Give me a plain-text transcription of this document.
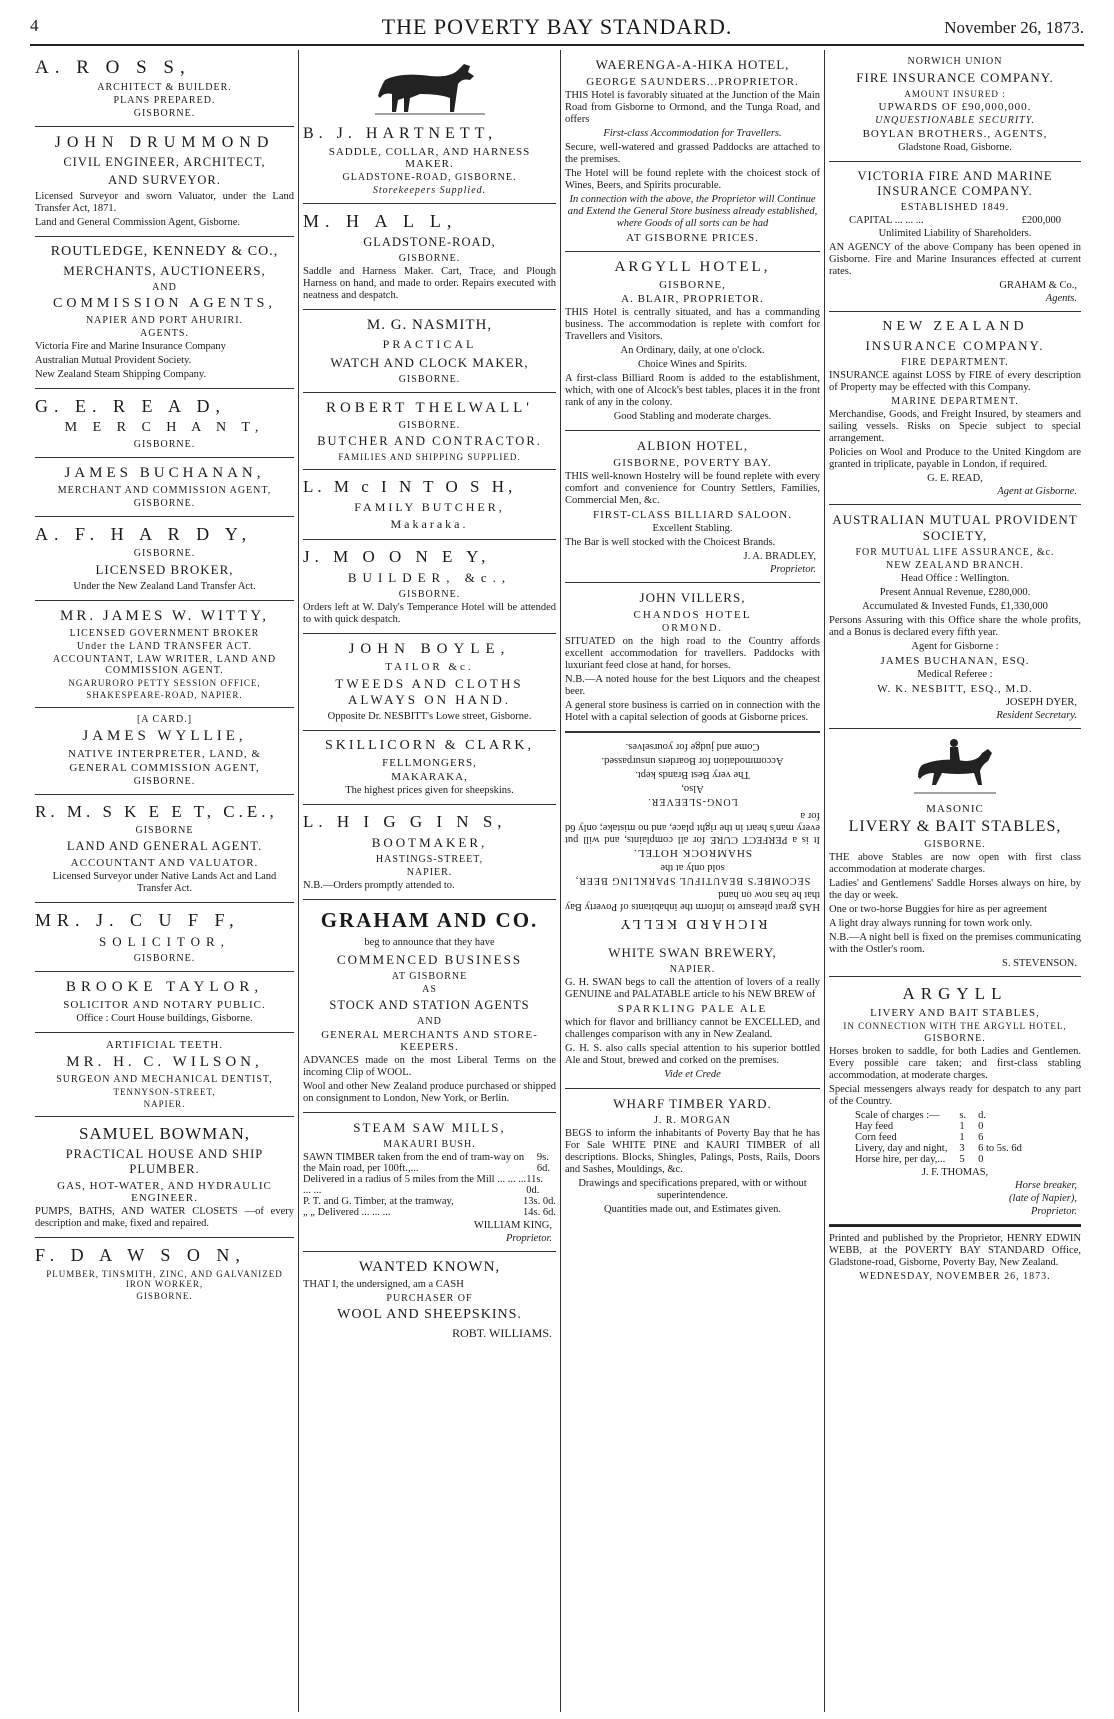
4	THE POVERTY BAY STANDARD.	November 26, 1873.
A. R O S S,
ARCHITECT & BUILDER.
PLANS PREPARED.
GISBORNE.
JOHN DRUMMOND
CIVIL ENGINEER, ARCHITECT,
AND SURVEYOR.

Licensed Surveyor and sworn Valuator, under the Land Transfer Act, 1871.

Land and General Commission Agent, Gisborne.

ROUTLEDGE, KENNEDY & CO.,
MERCHANTS, AUCTIONEERS,
AND
COMMISSION AGENTS,
NAPIER AND PORT AHURIRI.
AGENTS.

Victoria Fire and Marine Insurance Company

Australian Mutual Provident Society.

New Zealand Steam Shipping Company.

G. E. R E A D,
M E R C H A N T,
GISBORNE.
JAMES BUCHANAN,
MERCHANT AND COMMISSION AGENT,
GISBORNE.
A. F. H A R D Y,
GISBORNE.
LICENSED BROKER,

Under the New Zealand Land Transfer Act.

MR. JAMES W. WITTY,
LICENSED GOVERNMENT BROKER
Under the LAND TRANSFER ACT.
ACCOUNTANT, LAW WRITER, LAND AND COMMISSION AGENT.
NGARURORO PETTY SESSION OFFICE,
SHAKESPEARE-ROAD, NAPIER.
[A CARD.]
JAMES WYLLIE,
NATIVE INTERPRETER, LAND, &
GENERAL COMMISSION AGENT,
GISBORNE.
R. M. S K E E T, C.E.,
GISBORNE
LAND AND GENERAL AGENT.
ACCOUNTANT AND VALUATOR.

Licensed Surveyor under Native Lands Act and Land Transfer Act.

MR. J. C U F F,
SOLICITOR,
GISBORNE.
BROOKE TAYLOR,
SOLICITOR AND NOTARY PUBLIC.

Office : Court House buildings, Gisborne.

ARTIFICIAL TEETH.
MR. H. C. WILSON,
SURGEON AND MECHANICAL DENTIST,
TENNYSON-STREET,
NAPIER.
SAMUEL BOWMAN,
PRACTICAL HOUSE AND SHIP PLUMBER.
GAS, HOT-WATER, AND HYDRAULIC ENGINEER.

PUMPS, BATHS, AND WATER CLOSETS —of every description and make, fixed and repaired.

F. D A W S O N,
PLUMBER, TINSMITH, ZINC, AND GALVANIZED IRON WORKER,
GISBORNE.
B. J. HARTNETT,
SADDLE, COLLAR, AND HARNESS MAKER.
GLADSTONE-ROAD, GISBORNE.
Storekeepers Supplied.
M. H A L L,
GLADSTONE-ROAD,
GISBORNE.

Saddle and Harness Maker. Cart, Trace, and Plough Harness on hand, and made to order. Repairs executed with neatness and despatch.

M. G. NASMITH,
PRACTICAL
WATCH AND CLOCK MAKER,
GISBORNE.
ROBERT THELWALL'
GISBORNE.
BUTCHER AND CONTRACTOR.
FAMILIES AND SHIPPING SUPPLIED.
L. M c I N T O S H,
FAMILY BUTCHER,
Makaraka.
J. M O O N E Y,
BUILDER, &c.,
GISBORNE.

Orders left at W. Daly's Temperance Hotel will be attended to with quick despatch.

JOHN BOYLE,
TAILOR &c.
TWEEDS AND CLOTHS ALWAYS ON HAND.

Opposite Dr. NESBITT's Lowe street, Gisborne.

SKILLICORN & CLARK,
FELLMONGERS,
MAKARAKA,

The highest prices given for sheepskins.

L. H I G G I N S,
BOOTMAKER,
HASTINGS-STREET,
NAPIER.

N.B.—Orders promptly attended to.

GRAHAM AND CO.

beg to announce that they have

COMMENCED BUSINESS
AT GISBORNE
AS
STOCK AND STATION AGENTS
AND
GENERAL MERCHANTS AND STORE-KEEPERS.

ADVANCES made on the most Liberal Terms on the incoming Clip of WOOL.

Wool and other New Zealand produce purchased or shipped on consignment to London, New York, or Berlin.

STEAM SAW MILLS,
MAKAURI BUSH.
SAWN TIMBER taken from the end of tram-way on the Main road, per 100ft.,...
9s. 6d.
Delivered in a radius of 5 miles from the Mill ... ... ... ... ...
11s. 0d.
P. T. and G. Timber, at the tramway,	13s. 0d.
„ „ Delivered ... ... ...	14s. 6d.
WILLIAM KING,
Proprietor.
WANTED KNOWN,

THAT I, the undersigned, am a CASH

PURCHASER OF
WOOL AND SHEEPSKINS.
ROBT. WILLIAMS.
WAERENGA-A-HIKA HOTEL,
GEORGE SAUNDERS...PROPRIETOR.

THIS Hotel is favorably situated at the Junction of the Main Road from Gisborne to Ormond, and the Tunga Road, and offers

First-class Accommodation for Travellers.

Secure, well-watered and grassed Paddocks are attached to the premises.

The Hotel will be found replete with the choicest stock of Wines, Beers, and Spirits procurable.

In connection with the above, the Proprietor will Continue and Extend the General Store business already established, where Goods of all sorts can be had

AT GISBORNE PRICES.
ARGYLL HOTEL,
GISBORNE,
A. BLAIR, PROPRIETOR.

THIS Hotel is centrally situated, and has a commanding business. The accommodation is replete with comfort for Travellers and Visitors.

An Ordinary, daily, at one o'clock.

Choice Wines and Spirits.

A first-class Billiard Room is added to the establishment, which, with one of Alcock's best tables, places it in the front rank of any in the colony.

Good Stabling and moderate charges.

ALBION HOTEL,
GISBORNE, POVERTY BAY.

THIS well-known Hostelry will be found replete with every comfort and convenience for Country Settlers, Families, Commercial Men, &c.

FIRST-CLASS BILLIARD SALOON.

Excellent Stabling.

The Bar is well stocked with the Choicest Brands.

J. A. BRADLEY,
Proprietor.
JOHN VILLERS,
CHANDOS HOTEL
ORMOND.

SITUATED on the high road to the Country affords excellent accommodation for travellers. Paddocks with luxuriant feed close at hand, for horses.

N.B.—A noted house for the best Liquors and the cheapest beer.

A general store business is carried on in connection with the Hotel with a capital selection of goods at Gisborne prices.

RICHARD KELLY

HAS great pleasure to inform the inhabitants of Poverty Bay that he has now on hand

SECOMBE'S BEAUTIFUL SPARKLING BEER,

sold only at the

SHAMROCK HOTEL.

It is a PERFECT CURE for all complaints, and will put every man's heart in the right place, and no mistake; only 6d for a

LONG-SLEEVER.

Also,

The very Best Brands kept.

Accommodation for Boarders unsurpassed.

Come and judge for yourselves.

WHITE SWAN BREWERY,
NAPIER.

G. H. SWAN begs to call the attention of lovers of a really GENUINE and PALATABLE article to his NEW BREW of

SPARKLING PALE ALE

which for flavor and brilliancy cannot be EXCELLED, and challenges comparison with any in New Zealand.

G. H. S. also calls special attention to his superior bottled Ale and Stout, brewed and corked on the premises.

Vide et Crede

WHARF TIMBER YARD.
J. R. MORGAN

BEGS to inform the inhabitants of Poverty Bay that he has For Sale WHITE PINE and KAURI TIMBER of all descriptions. Blocks, Shingles, Palings, Posts, Rails, Doors and Sashes, Mouldings, &c.

Drawings and specifications prepared, with or without superintendence.

Quantities made out, and Estimates given.

NORWICH UNION
FIRE INSURANCE COMPANY.
AMOUNT INSURED :
UPWARDS OF £90,000,000.
UNQUESTIONABLE SECURITY.
BOYLAN BROTHERS., AGENTS,

Gladstone Road, Gisborne.

VICTORIA FIRE AND MARINE INSURANCE COMPANY.
ESTABLISHED 1849.
CAPITAL ... ... ...	£200,000

Unlimited Liability of Shareholders.

AN AGENCY of the above Company has been opened in Gisborne. Fire and Marine Insurances effected at current rates.

GRAHAM & Co.,
Agents.
NEW ZEALAND
INSURANCE COMPANY.
FIRE DEPARTMENT.

INSURANCE against LOSS by FIRE of every description of Property may be effected with this Company.

MARINE DEPARTMENT.

Merchandise, Goods, and Freight Insured, by steamers and sailing vessels. Risks on Specie subject to special arrangement.

Policies on Wool and Produce to the United Kingdom are granted in triplicate, payable in London, if required.

G. E. READ,
Agent at Gisborne.
AUSTRALIAN MUTUAL PROVIDENT SOCIETY,
FOR MUTUAL LIFE ASSURANCE, &c.
NEW ZEALAND BRANCH.

Head Office : Wellington.

Present Annual Revenue, £280,000.

Accumulated & Invested Funds, £1,330,000

Persons Assuring with this Office share the whole profits, and a Bonus is declared every fifth year.

Agent for Gisborne :

JAMES BUCHANAN, ESQ.

Medical Referee :

W. K. NESBITT, ESQ., M.D.
JOSEPH DYER,
Resident Secretary.
MASONIC
LIVERY & BAIT STABLES,
GISBORNE.

THE above Stables are now open with first class accommodation at moderate charges.

Ladies' and Gentlemens' Saddle Horses always on hire, by the day or week.

One or two-horse Buggies for hire as per agreement

A light dray always running for town work only.

N.B.—A night bell is fixed on the premises communicating with the Ostler's room.

S. STEVENSON.
ARGYLL
LIVERY AND BAIT STABLES,
IN CONNECTION WITH THE ARGYLL HOTEL,
GISBORNE.

Horses broken to saddle, for both Ladies and Gentlemen. Every possible care taken; and first-class stabling accommodation, at moderate charges.

Special messengers always ready for despatch to any part of the Country.

Scale of charges :—	s.	d.
Hay feed	1	0
Corn feed	1	6
Livery, day and night,	3	6 to 5s. 6d
Horse hire, per day,...	5	0
J. F. THOMAS,
Horse breaker,
(late of Napier),
Proprietor.

Printed and published by the Proprietor, HENRY EDWIN WEBB, at the POVERTY BAY STANDARD Office, Gladstone-road, Gisborne, Poverty Bay, New Zealand.

WEDNESDAY, NOVEMBER 26, 1873.
